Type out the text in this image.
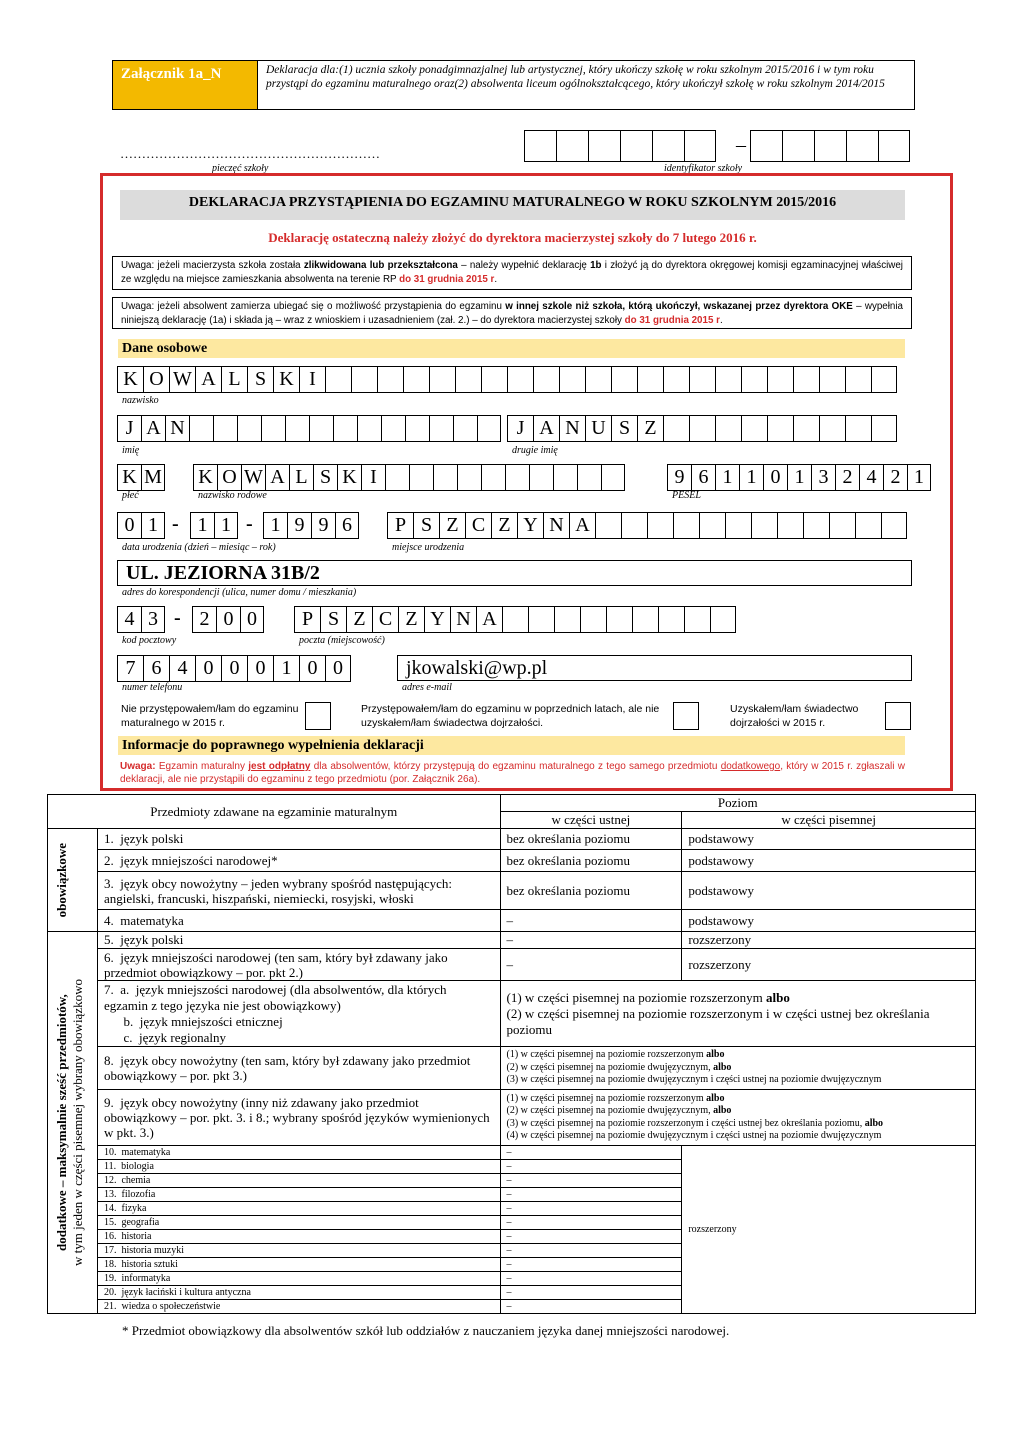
Załącznik 1a_N	Deklaracja dla:(1) ucznia szkoły ponadgimnazjalnej lub artystycznej, który ukończy szkołę w roku szkolnym 2015/2016 i w tym roku przystąpi do egzaminu maturalnego oraz(2) absolwenta liceum ogólnokształcącego, który ukończył szkołę w roku szkolnym 2014/2015
……………………………………………………
pieczęć szkoły
–
identyfikator szkoły
DEKLARACJA PRZYSTĄPIENIA DO EGZAMINU MATURALNEGO W ROKU SZKOLNYM 2015/2016
Deklarację ostateczną należy złożyć do dyrektora macierzystej szkoły do 7 lutego 2016 r.
Uwaga: jeżeli macierzysta szkoła została zlikwidowana lub przekształcona – należy wypełnić deklarację 1b i złożyć ją do dyrektora okręgowej komisji egzaminacyjnej właściwej ze względu na miejsce zamieszkania absolwenta na terenie RP do 31 grudnia 2015 r.
Uwaga: jeżeli absolwent zamierza ubiegać się o możliwość przystąpienia do egzaminu w innej szkole niż szkoła, którą ukończył, wskazanej przez dyrektora OKE – wypełnia niniejszą deklarację (1a) i składa ją – wraz z wnioskiem i uzasadnieniem (zał. 2.) – do dyrektora macierzystej szkoły do 31 grudnia 2015 r.
Dane osobowe
K O W A L S K I
nazwisko
J A N
imię
J A N U S Z
drugie imię
K M
płeć
K O W A L S K I
nazwisko rodowe
9 6 1 1 0 1 3 2 4 2 1
PESEL
0 1 - 1 1 - 1 9 9 6
data urodzenia (dzień – miesiąc – rok)
P S Z C Z Y N A
miejsce urodzenia
UL. JEZIORNA 31B/2
adres do korespondencji (ulica, numer domu / mieszkania)
4 3 - 2 0 0
kod pocztowy
P S Z C Z Y N A
poczta (miejscowość)
7 6 4 0 0 0 1 0 0
numer telefonu
jkowalski@wp.pl
adres e-mail
Nie przystępowałem/łam do egzaminu maturalnego w 2015 r.
Przystępowałem/łam do egzaminu w poprzednich latach, ale nie uzyskałem/łam świadectwa dojrzałości.
Uzyskałem/łam świadectwo dojrzałości w 2015 r.
Informacje do poprawnego wypełnienia deklaracji
Uwaga: Egzamin maturalny jest odpłatny dla absolwentów, którzy przystępują do egzaminu maturalnego z tego samego przedmiotu dodatkowego, który w 2015 r. zgłaszali w deklaracji, ale nie przystąpili do egzaminu z tego przedmiotu (por. Załącznik 26a).
Przedmioty zdawane na egzaminie maturalnym		Poziom	
		w części ustnej	w części pisemnej

obowiązkowe	1. język polski	bez określania poziomu	podstawowy
	2. język mniejszości narodowej*	bez określania poziomu	podstawowy
	3. język obcy nowożytny – jeden wybrany spośród następujących: angielski, francuski, hiszpański, niemiecki, rosyjski, włoski	bez określania poziomu	podstawowy
	4. matematyka	–	podstawowy

dodatkowe – maksymalnie sześć przedmiotów,
w tym jeden w części pisemnej wybrany obowiązkowo	5. język polski	–	rozszerzony
	6. język mniejszości narodowej (ten sam, który był zdawany jako przedmiot obowiązkowy – por. pkt 2.)	–	rozszerzony
	7. a. język mniejszości narodowej (dla absolwentów, dla których egzamin z tego języka nie jest obowiązkowy)
b. język mniejszości etnicznej
c. język regionalny	(1) w części pisemnej na poziomie rozszerzonym albo
(2) w części pisemnej na poziomie rozszerzonym i w części ustnej bez określania poziomu	
	8. język obcy nowożytny (ten sam, który był zdawany jako przedmiot obowiązkowy – por. pkt 3.)	(1) w części pisemnej na poziomie rozszerzonym albo
(2) w części pisemnej na poziomie dwujęzycznym, albo
(3) w części pisemnej na poziomie dwujęzycznym i części ustnej na poziomie dwujęzycznym	
	9. język obcy nowożytny (inny niż zdawany jako przedmiot obowiązkowy – por. pkt. 3. i 8.; wybrany spośród języków wymienionych w pkt. 3.)	(1) w części pisemnej na poziomie rozszerzonym albo
(2) w części pisemnej na poziomie dwujęzycznym, albo
(3) w części pisemnej na poziomie rozszerzonym i części ustnej bez określania poziomu, albo
(4) w części pisemnej na poziomie dwujęzycznym i części ustnej na poziomie dwujęzycznym	
	10. matematyka	–	rozszerzony
	11. biologia	–	
	12. chemia	–	
	13. filozofia	–	
	14. fizyka	–	
	15. geografia	–	
	16. historia	–	
	17. historia muzyki	–	
	18. historia sztuki	–	
	19. informatyka	–	
	20. język łaciński i kultura antyczna	–	
	21. wiedza o społeczeństwie	–	
* Przedmiot obowiązkowy dla absolwentów szkół lub oddziałów z nauczaniem języka danej mniejszości narodowej.
